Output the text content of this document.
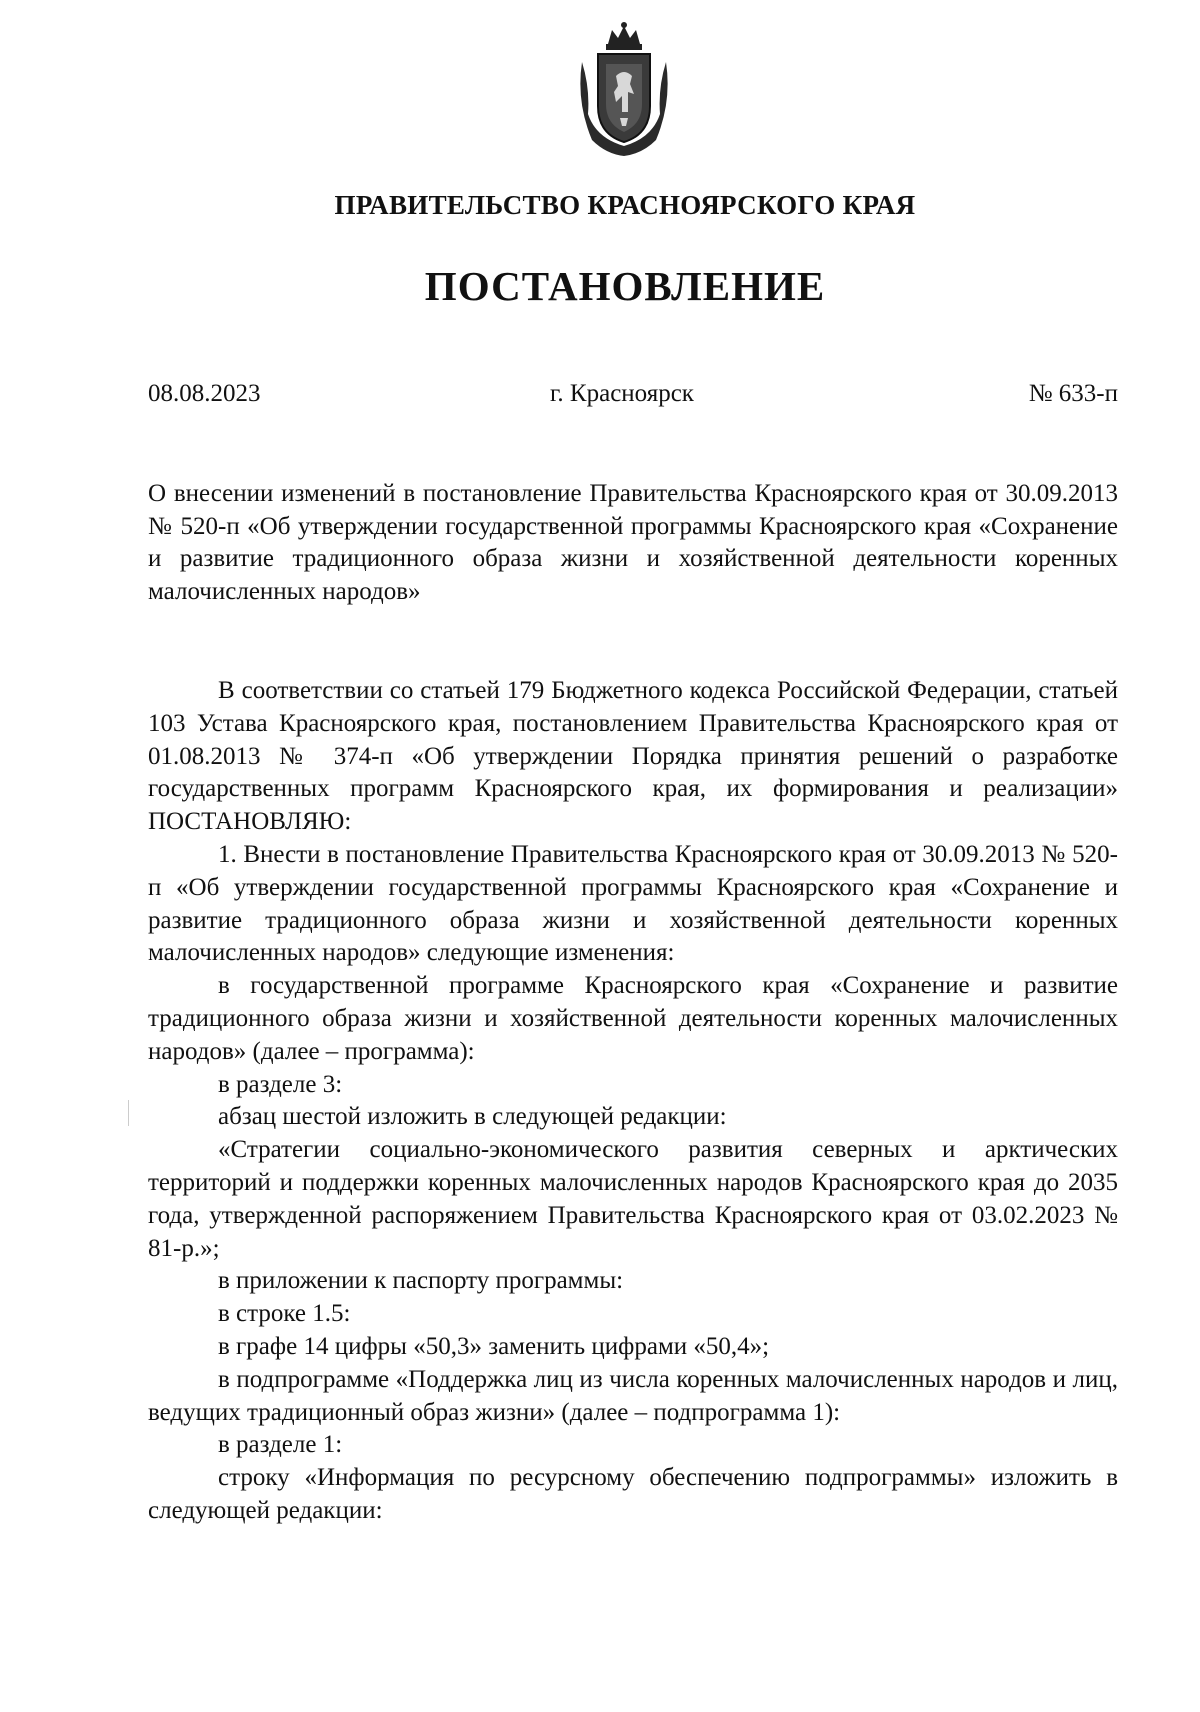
ПРАВИТЕЛЬСТВО КРАСНОЯРСКОГО КРАЯ
ПОСТАНОВЛЕНИЕ
08.08.2023	г. Красноярск	№ 633-п
О внесении изменений в постановление Правительства Красноярского края от 30.09.2013 № 520-п «Об утверждении государственной программы Красноярского края «Сохранение и развитие традиционного образа жизни и хозяйственной деятельности коренных малочисленных народов»

В соответствии со статьей 179 Бюджетного кодекса Российской Федерации, статьей 103 Устава Красноярского края, постановлением Правительства Красноярского края от 01.08.2013 № 374-п «Об утверждении Порядка принятия решений о разработке государственных программ Красноярского края, их формирования и реализации» ПОСТАНОВЛЯЮ:

1. Внести в постановление Правительства Красноярского края от 30.09.2013 № 520-п «Об утверждении государственной программы Красноярского края «Сохранение и развитие традиционного образа жизни и хозяйственной деятельности коренных малочисленных народов» следующие изменения:

в государственной программе Красноярского края «Сохранение и развитие традиционного образа жизни и хозяйственной деятельности коренных малочисленных народов» (далее – программа):

в разделе 3:

абзац шестой изложить в следующей редакции:

«Стратегии социально-экономического развития северных и арктических территорий и поддержки коренных малочисленных народов Красноярского края до 2035 года, утвержденной распоряжением Правительства Красноярского края от 03.02.2023 № 81-р.»;

в приложении к паспорту программы:

в строке 1.5:

в графе 14 цифры «50,3» заменить цифрами «50,4»;

в подпрограмме «Поддержка лиц из числа коренных малочисленных народов и лиц, ведущих традиционный образ жизни» (далее – подпрограмма 1):

в разделе 1:

строку «Информация по ресурсному обеспечению подпрограммы» изложить в следующей редакции:
